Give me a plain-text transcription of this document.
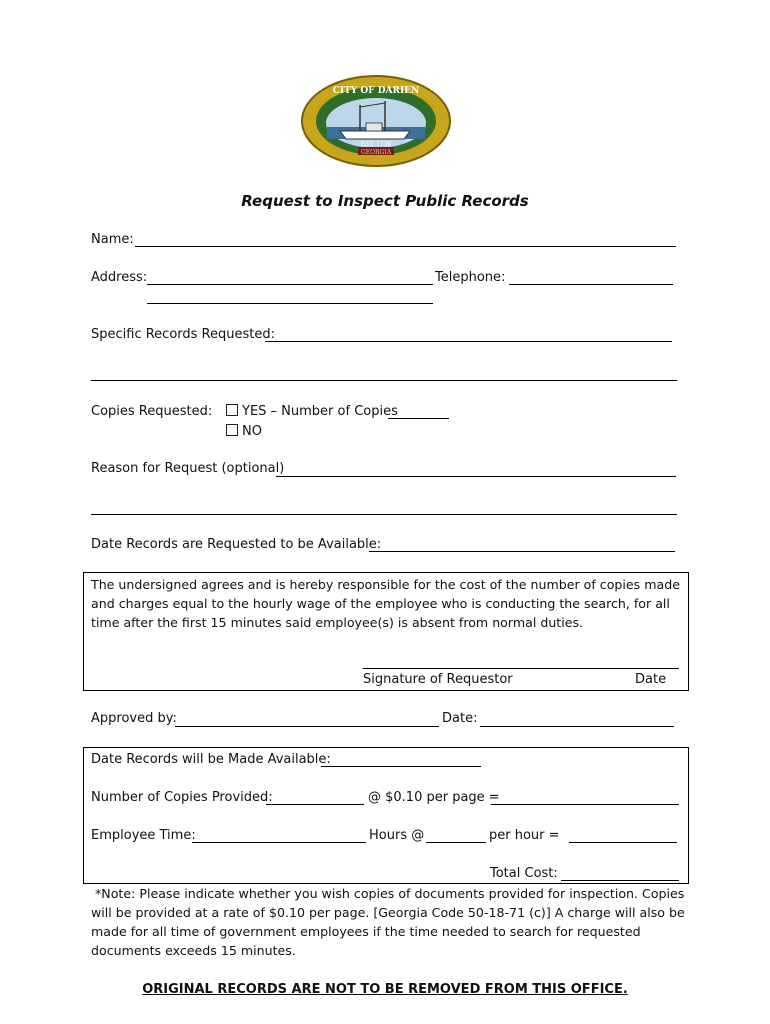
CITY OF DARIEN
EST. 1736
GEORGIA
Request to Inspect Public Records
Name:
Address:	Telephone:
Specific Records Requested:
Copies Requested:	YES – Number of Copies
NO
Reason for Request (optional)
Date Records are Requested to be Available:
The undersigned agrees and is hereby responsible for the cost of the number of copies made
and charges equal to the hourly wage of the employee who is conducting the search, for all
time after the first 15 minutes said employee(s) is absent from normal duties.
Signature of Requestor	Date
Approved by:	Date:
Date Records will be Made Available:
Number of Copies Provided:	@ $0.10 per page =
Employee Time:	Hours @	per hour =
Total Cost:
*Note: Please indicate whether you wish copies of documents provided for inspection. Copies
will be provided at a rate of $0.10 per page. [Georgia Code 50-18-71 (c)] A charge will also be
made for all time of government employees if the time needed to search for requested
documents exceeds 15 minutes.
ORIGINAL RECORDS ARE NOT TO BE REMOVED FROM THIS OFFICE.
